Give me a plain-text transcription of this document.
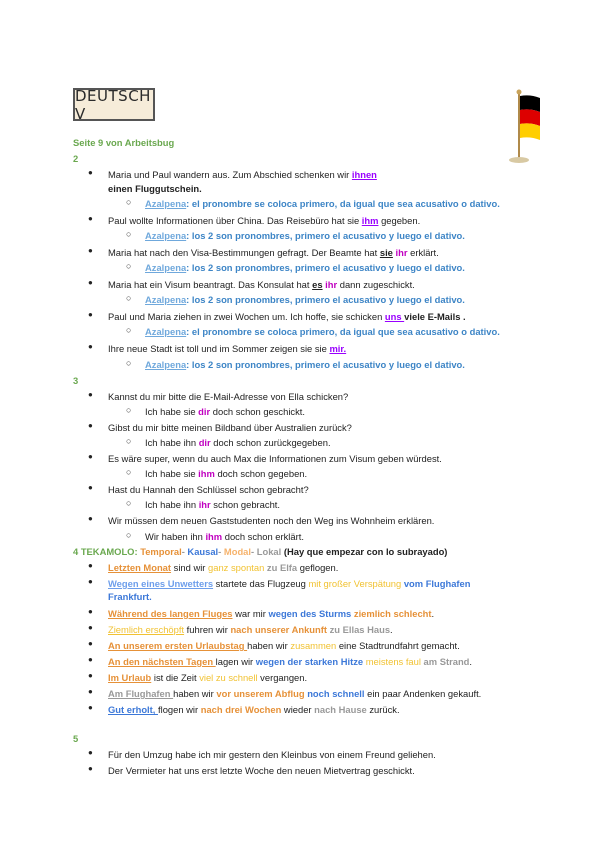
DEUTSCH V
Seite 9 von Arbeitsbug
2
● Maria und Paul wandern aus. Zum Abschied schenken wir ihnen
einen Fluggutschein.
○ Azalpena: el pronombre se coloca primero, da igual que sea acusativo o dativo.
● Paul wollte Informationen über China. Das Reisebüro hat sie ihm gegeben.
○ Azalpena: los 2 son pronombres, primero el acusativo y luego el dativo.
● Maria hat nach den Visa-Bestimmungen gefragt. Der Beamte hat sie ihr erklärt.
○ Azalpena: los 2 son pronombres, primero el acusativo y luego el dativo.
● Maria hat ein Visum beantragt. Das Konsulat hat es ihr dann zugeschickt.
○ Azalpena: los 2 son pronombres, primero el acusativo y luego el dativo.
● Paul und Maria ziehen in zwei Wochen um. Ich hoffe, sie schicken uns viele E-Mails .
○ Azalpena: el pronombre se coloca primero, da igual que sea acusativo o dativo.
● Ihre neue Stadt ist toll und im Sommer zeigen sie sie mir.
○ Azalpena: los 2 son pronombres, primero el acusativo y luego el dativo.
3
● Kannst du mir bitte die E-Mail-Adresse von Ella schicken?
○ Ich habe sie dir doch schon geschickt.
● Gibst du mir bitte meinen Bildband über Australien zurück?
○ Ich habe ihn dir doch schon zurückgegeben.
● Es wäre super, wenn du auch Max die Informationen zum Visum geben würdest.
○ Ich habe sie ihm doch schon gegeben.
● Hast du Hannah den Schlüssel schon gebracht?
○ Ich habe ihn ihr schon gebracht.
● Wir müssen dem neuen Gaststudenten noch den Weg ins Wohnheim erklären.
○ Wir haben ihn ihm doch schon erklärt.
4 TEKAMOLO: Temporal- Kausal- Modal- Lokal (Hay que empezar con lo subrayado)
● Letzten Monat sind wir ganz spontan zu Elfa geflogen.
● Wegen eines Unwetters startete das Flugzeug mit großer Verspätung vom Flughafen
Frankfurt.
● Während des langen Fluges war mir wegen des Sturms ziemlich schlecht.
● Ziemlich erschöpft fuhren wir nach unserer Ankunft zu Ellas Haus.
● An unserem ersten Urlaubstag haben wir zusammen eine Stadtrundfahrt gemacht.
● An den nächsten Tagen lagen wir wegen der starken Hitze meistens faul am Strand.
● Im Urlaub ist die Zeit viel zu schnell vergangen.
● Am Flughafen haben wir vor unserem Abflug noch schnell ein paar Andenken gekauft.
● Gut erholt, flogen wir nach drei Wochen wieder nach Hause zurück.
5
● Für den Umzug habe ich mir gestern den Kleinbus von einem Freund geliehen.
● Der Vermieter hat uns erst letzte Woche den neuen Mietvertrag geschickt.
